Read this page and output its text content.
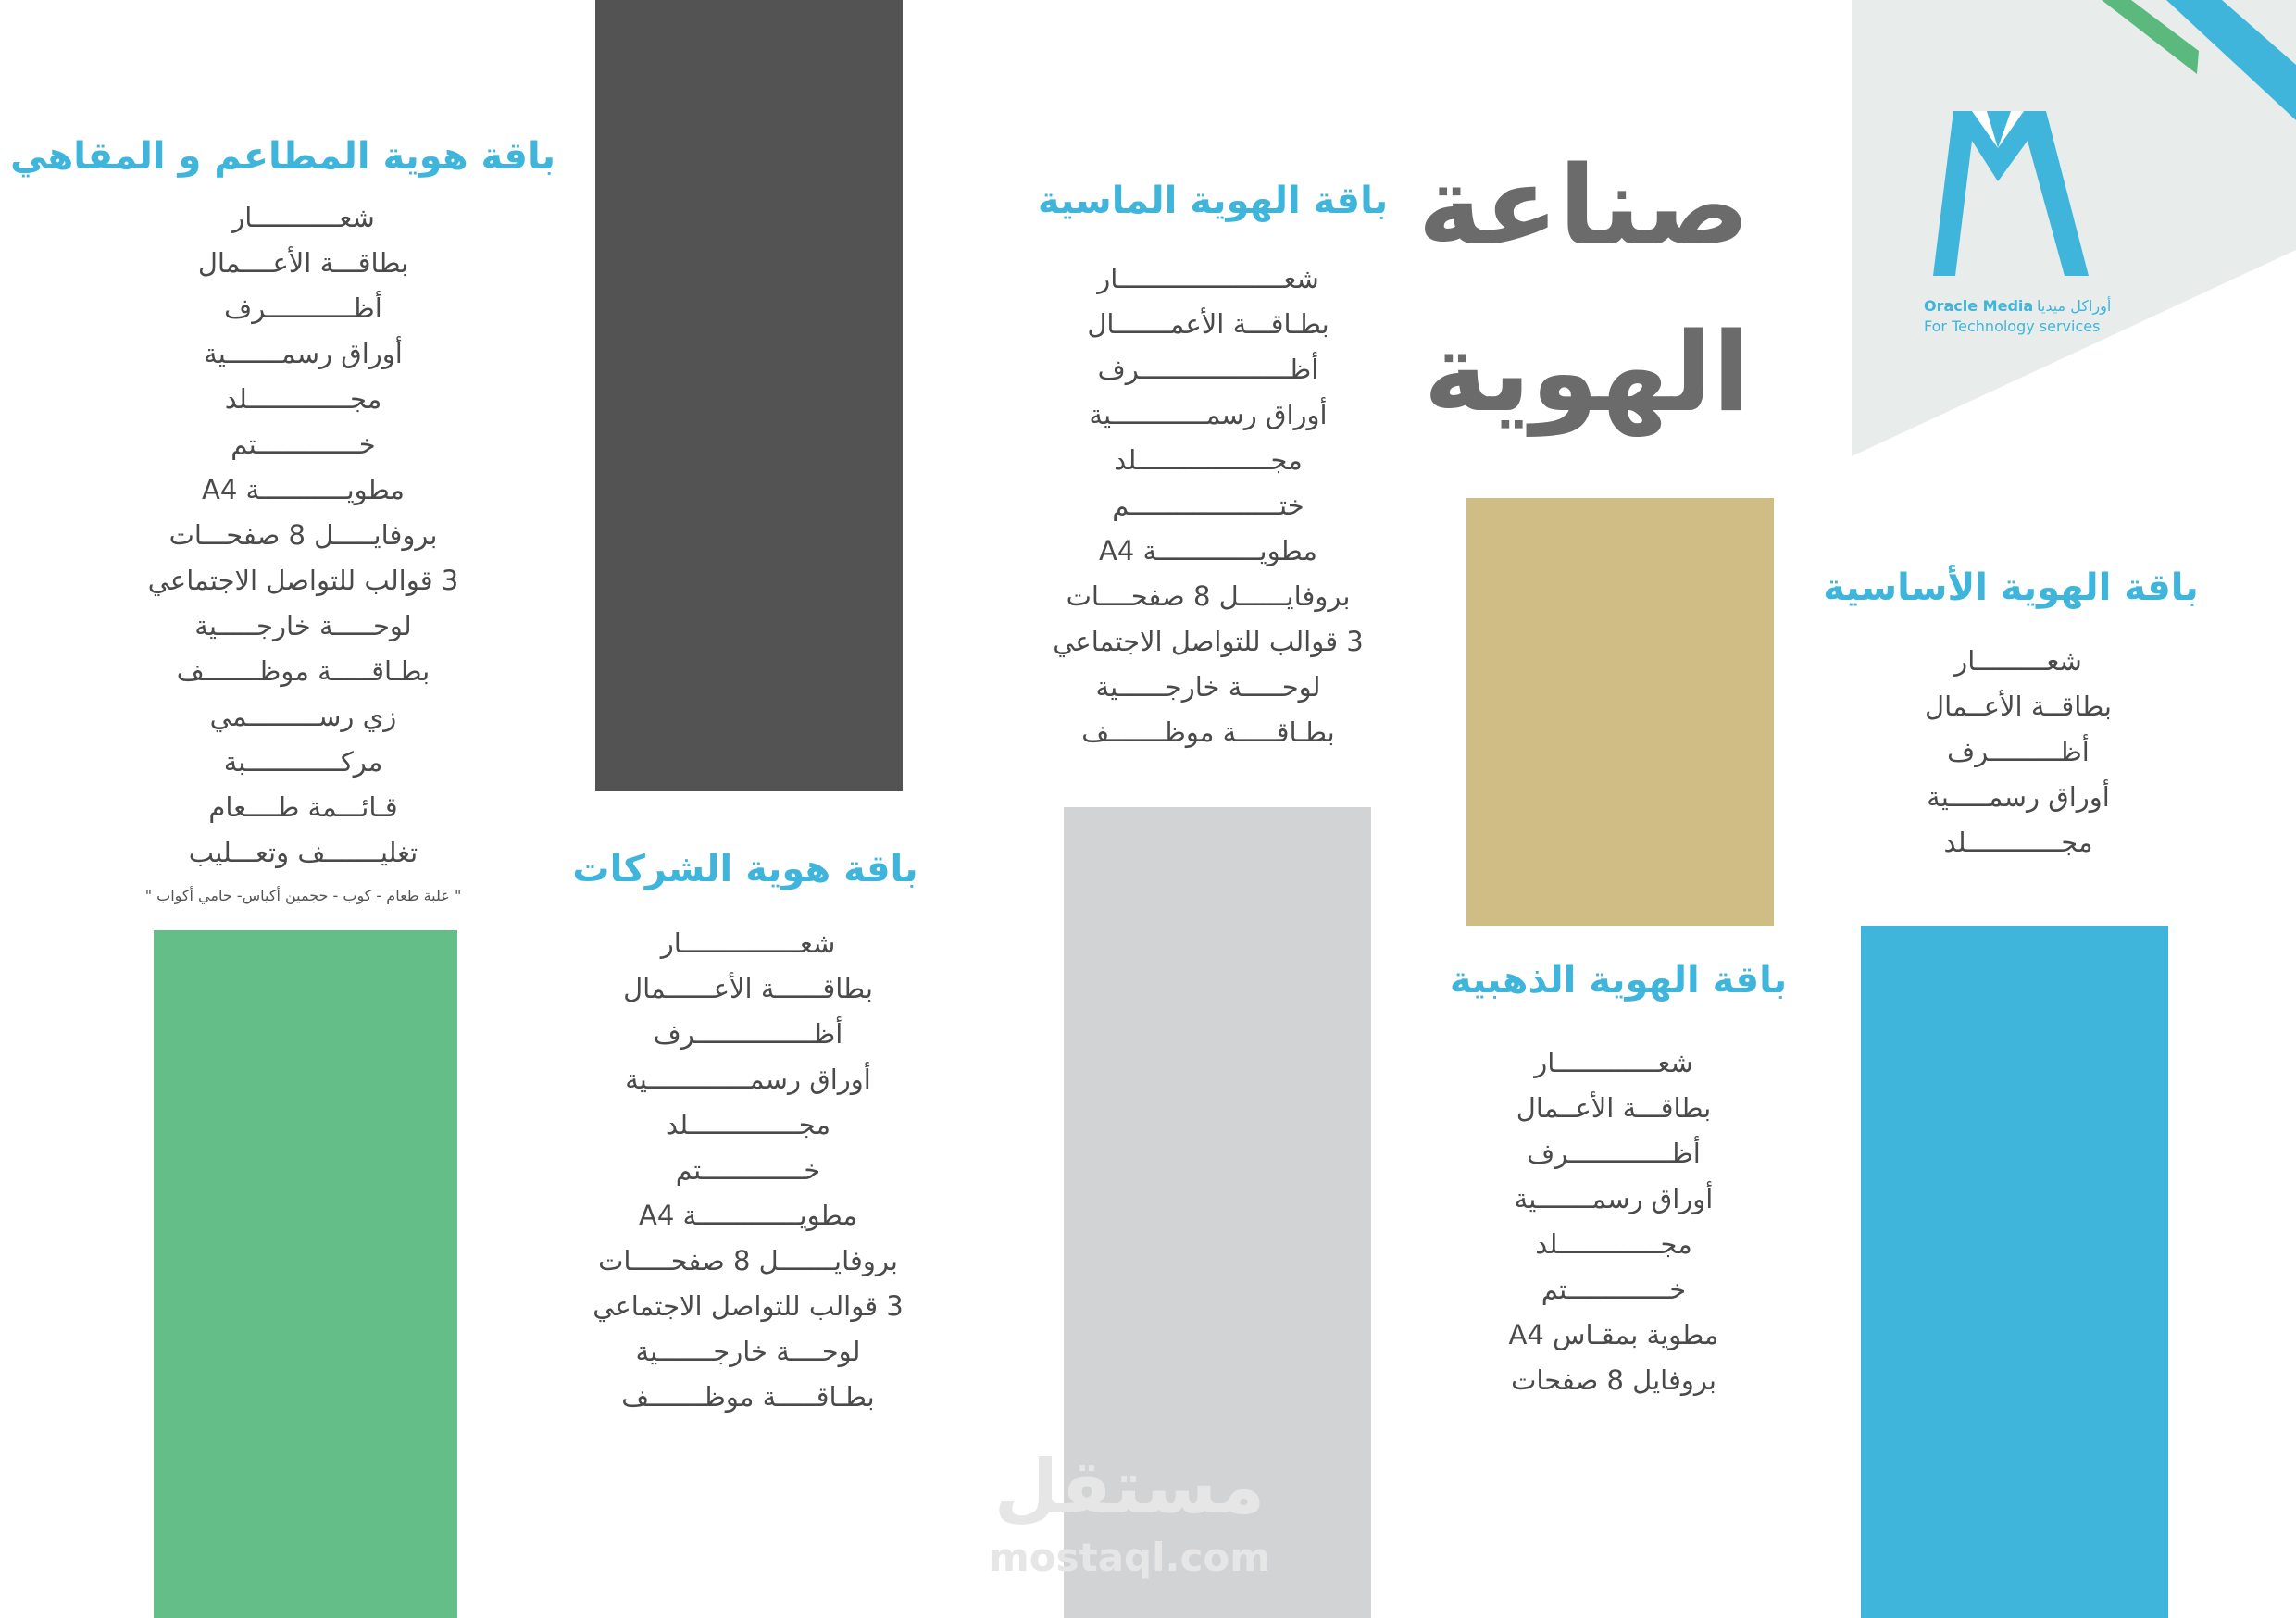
Oracle Media أوراكل ميديا
For Technology services
صناعة
الهوية
باقة الهوية الأساسية
شعـــــــــار
بطاقــة الأعــمال
أظـــــــــرف
أوراق رسمـــــية
مجــــــــــــلد
باقة الهوية الذهبية
شعـــــــــــــار
بطاقـــة الأعــمال
أظـــــــــــــرف
أوراق رسمـــــــية
مجـــــــــــــلد
خـــــــــــــتم
مطوية بمقـاس A4
بروفايل 8 صفحات
باقة الهوية الماسية
شعـــــــــــــــــــــار
بطـاقـــة الأعمـــــــال
أظـــــــــــــــــــرف
أوراق رسمــــــــــــية
مجـــــــــــــــــلد
ختـــــــــــــــــــم
مطويـــــــــــــة A4
بروفايــــــل 8 صفحــــات
3 قوالب للتواصل الاجتماعي
لوحـــــة خارجــــــية
بطـاقـــــة موظـــــــف
باقة هوية الشركات
شعـــــــــــــــار
بطاقــــــة الأعــــــمال
أظـــــــــــــــرف
أوراق رسمـــــــــــــية
مجــــــــــــــلد
خـــــــــــــتم
مطويـــــــــــــة A4
بروفايـــــــل 8 صفحـــــات
3 قوالب للتواصل الاجتماعي
لوحــــة خارجـــــــية
بطـاقـــــة موظـــــــف
باقة هوية المطاعم و المقاهي
شعـــــــــــار
بطاقـــة الأعــــمال
أظـــــــــــرف
أوراق رسمـــــــية
مجـــــــــــــلد
خـــــــــــــتم
مطويـــــــــــة A4
بروفايـــــل 8 صفحـــات
3 قوالب للتواصل الاجتماعي
لوحـــــة خارجـــــية
بطـاقـــــة موظـــــــف
زي رســـــــــمي
مركــــــــــــبة
قـائـــمة طــــعام
تغليـــــــف وتعـــليب
" علبة طعام - كوب - حجمين أكياس- حامي أكواب "
مستقل
mostaql.com
